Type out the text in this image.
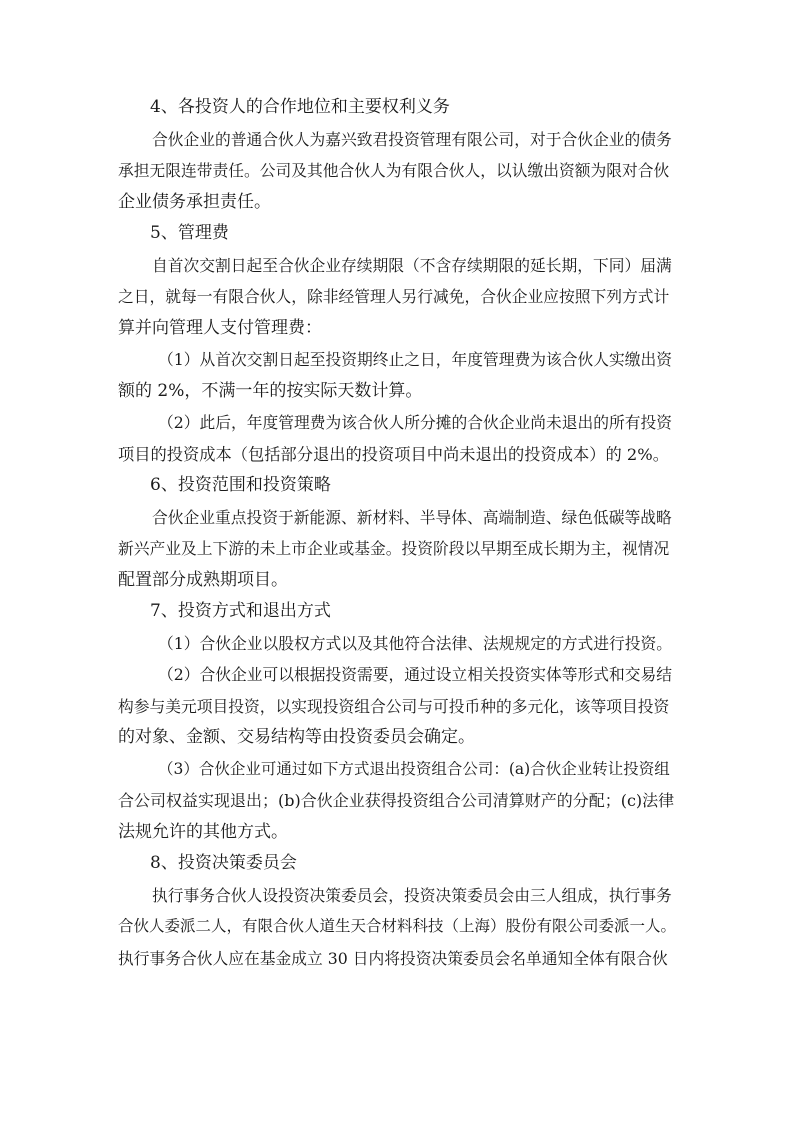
4、各投资人的合作地位和主要权利义务
合伙企业的普通合伙人为嘉兴致君投资管理有限公司，对于合伙企业的债务
承担无限连带责任。公司及其他合伙人为有限合伙人，以认缴出资额为限对合伙
企业债务承担责任。
5、管理费
自首次交割日起至合伙企业存续期限（不含存续期限的延长期，下同）届满
之日，就每一有限合伙人，除非经管理人另行减免，合伙企业应按照下列方式计
算并向管理人支付管理费：
（1）从首次交割日起至投资期终止之日，年度管理费为该合伙人实缴出资
额的 2%，不满一年的按实际天数计算。
（2）此后，年度管理费为该合伙人所分摊的合伙企业尚未退出的所有投资
项目的投资成本（包括部分退出的投资项目中尚未退出的投资成本）的 2%。
6、投资范围和投资策略
合伙企业重点投资于新能源、新材料、半导体、高端制造、绿色低碳等战略
新兴产业及上下游的未上市企业或基金。投资阶段以早期至成长期为主，视情况
配置部分成熟期项目。
7、投资方式和退出方式
（1）合伙企业以股权方式以及其他符合法律、法规规定的方式进行投资。
（2）合伙企业可以根据投资需要，通过设立相关投资实体等形式和交易结
构参与美元项目投资，以实现投资组合公司与可投币种的多元化，该等项目投资
的对象、金额、交易结构等由投资委员会确定。
（3）合伙企业可通过如下方式退出投资组合公司：(a)合伙企业转让投资组
合公司权益实现退出；(b)合伙企业获得投资组合公司清算财产的分配；(c)法律
法规允许的其他方式。
8、投资决策委员会
执行事务合伙人设投资决策委员会，投资决策委员会由三人组成，执行事务
合伙人委派二人，有限合伙人道生天合材料科技（上海）股份有限公司委派一人。
执行事务合伙人应在基金成立 30 日内将投资决策委员会名单通知全体有限合伙
